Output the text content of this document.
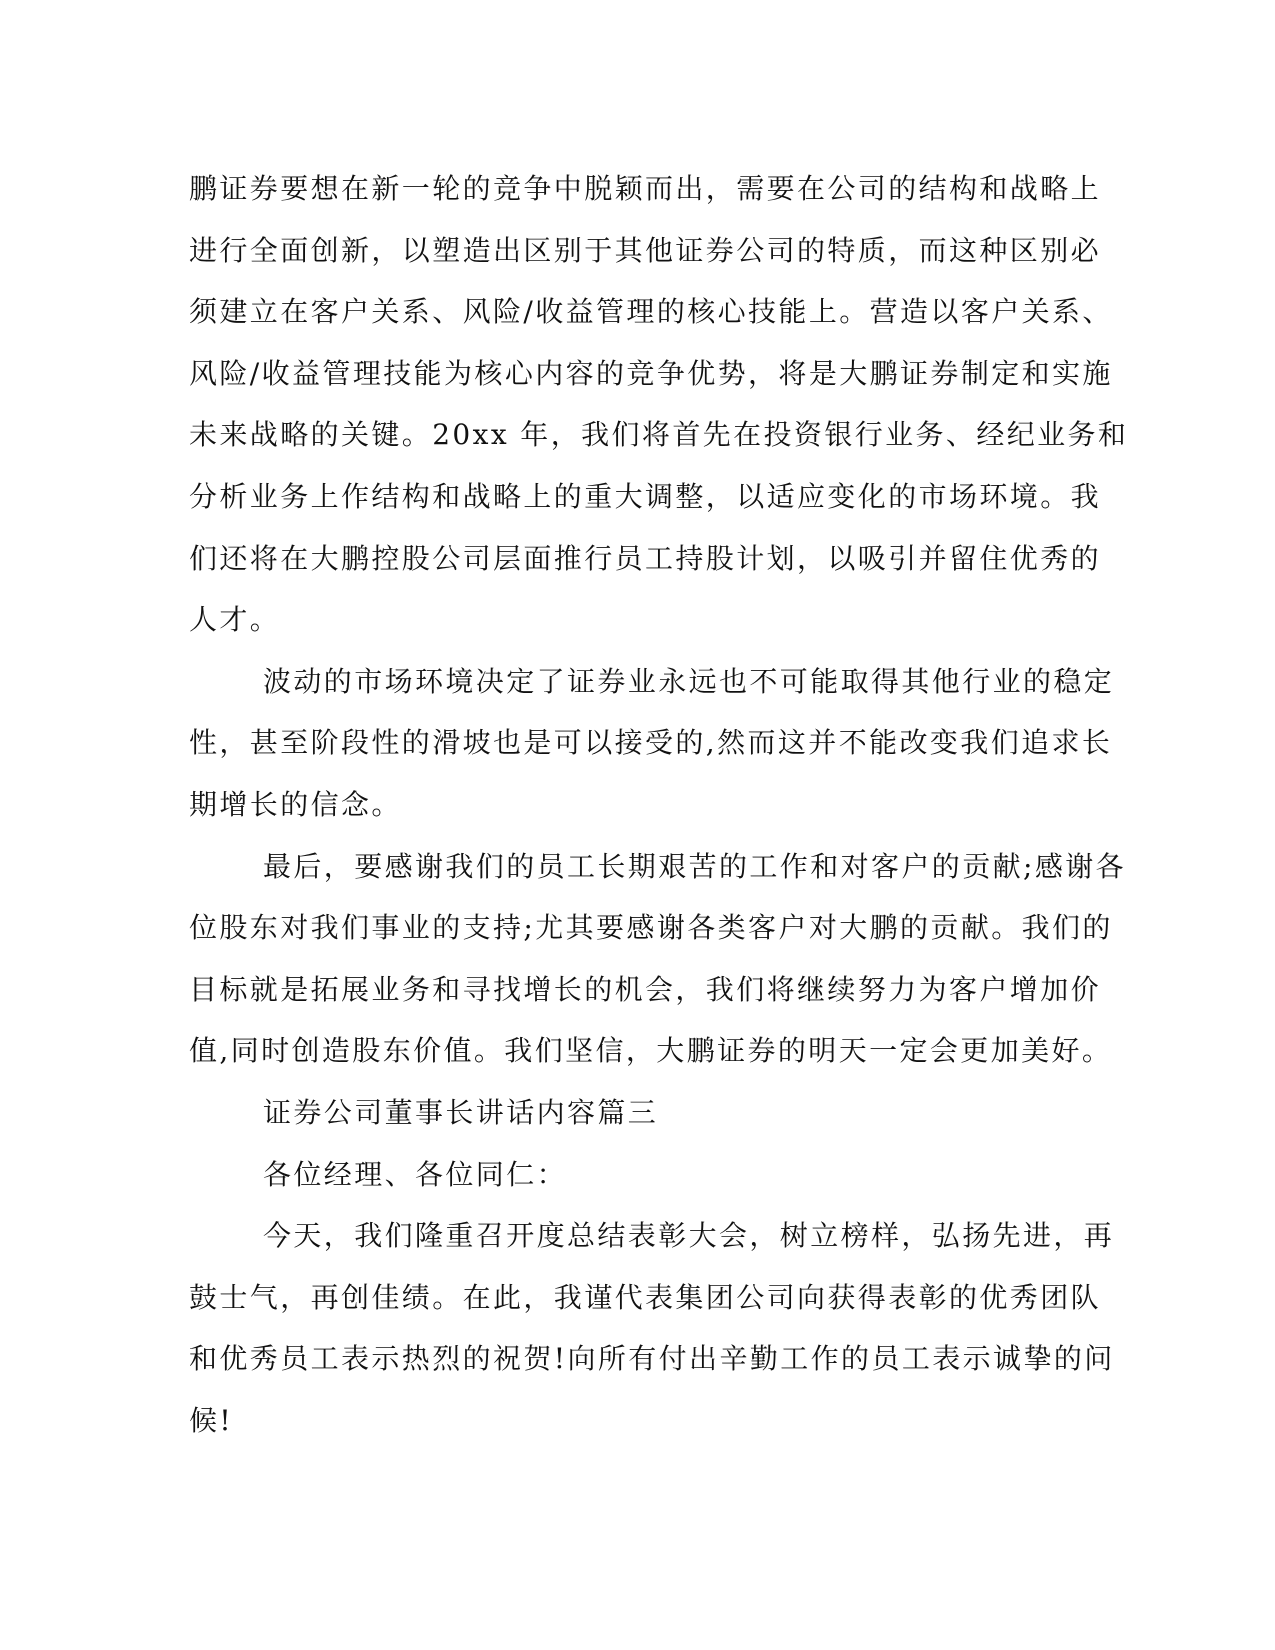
鹏证券要想在新一轮的竞争中脱颖而出，需要在公司的结构和战略上
进行全面创新，以塑造出区别于其他证券公司的特质，而这种区别必
须建立在客户关系、风险/收益管理的核心技能上。营造以客户关系、
风险/收益管理技能为核心内容的竞争优势，将是大鹏证券制定和实施
未来战略的关键。20xx 年，我们将首先在投资银行业务、经纪业务和
分析业务上作结构和战略上的重大调整，以适应变化的市场环境。我
们还将在大鹏控股公司层面推行员工持股计划，以吸引并留住优秀的
人才。
波动的市场环境决定了证券业永远也不可能取得其他行业的稳定
性，甚至阶段性的滑坡也是可以接受的,然而这并不能改变我们追求长
期增长的信念。
最后，要感谢我们的员工长期艰苦的工作和对客户的贡献;感谢各
位股东对我们事业的支持;尤其要感谢各类客户对大鹏的贡献。我们的
目标就是拓展业务和寻找增长的机会，我们将继续努力为客户增加价
值,同时创造股东价值。我们坚信，大鹏证券的明天一定会更加美好。
证券公司董事长讲话内容篇三
各位经理、各位同仁：
今天，我们隆重召开度总结表彰大会，树立榜样，弘扬先进，再
鼓士气，再创佳绩。在此，我谨代表集团公司向获得表彰的优秀团队
和优秀员工表示热烈的祝贺!向所有付出辛勤工作的员工表示诚挚的问
候!
